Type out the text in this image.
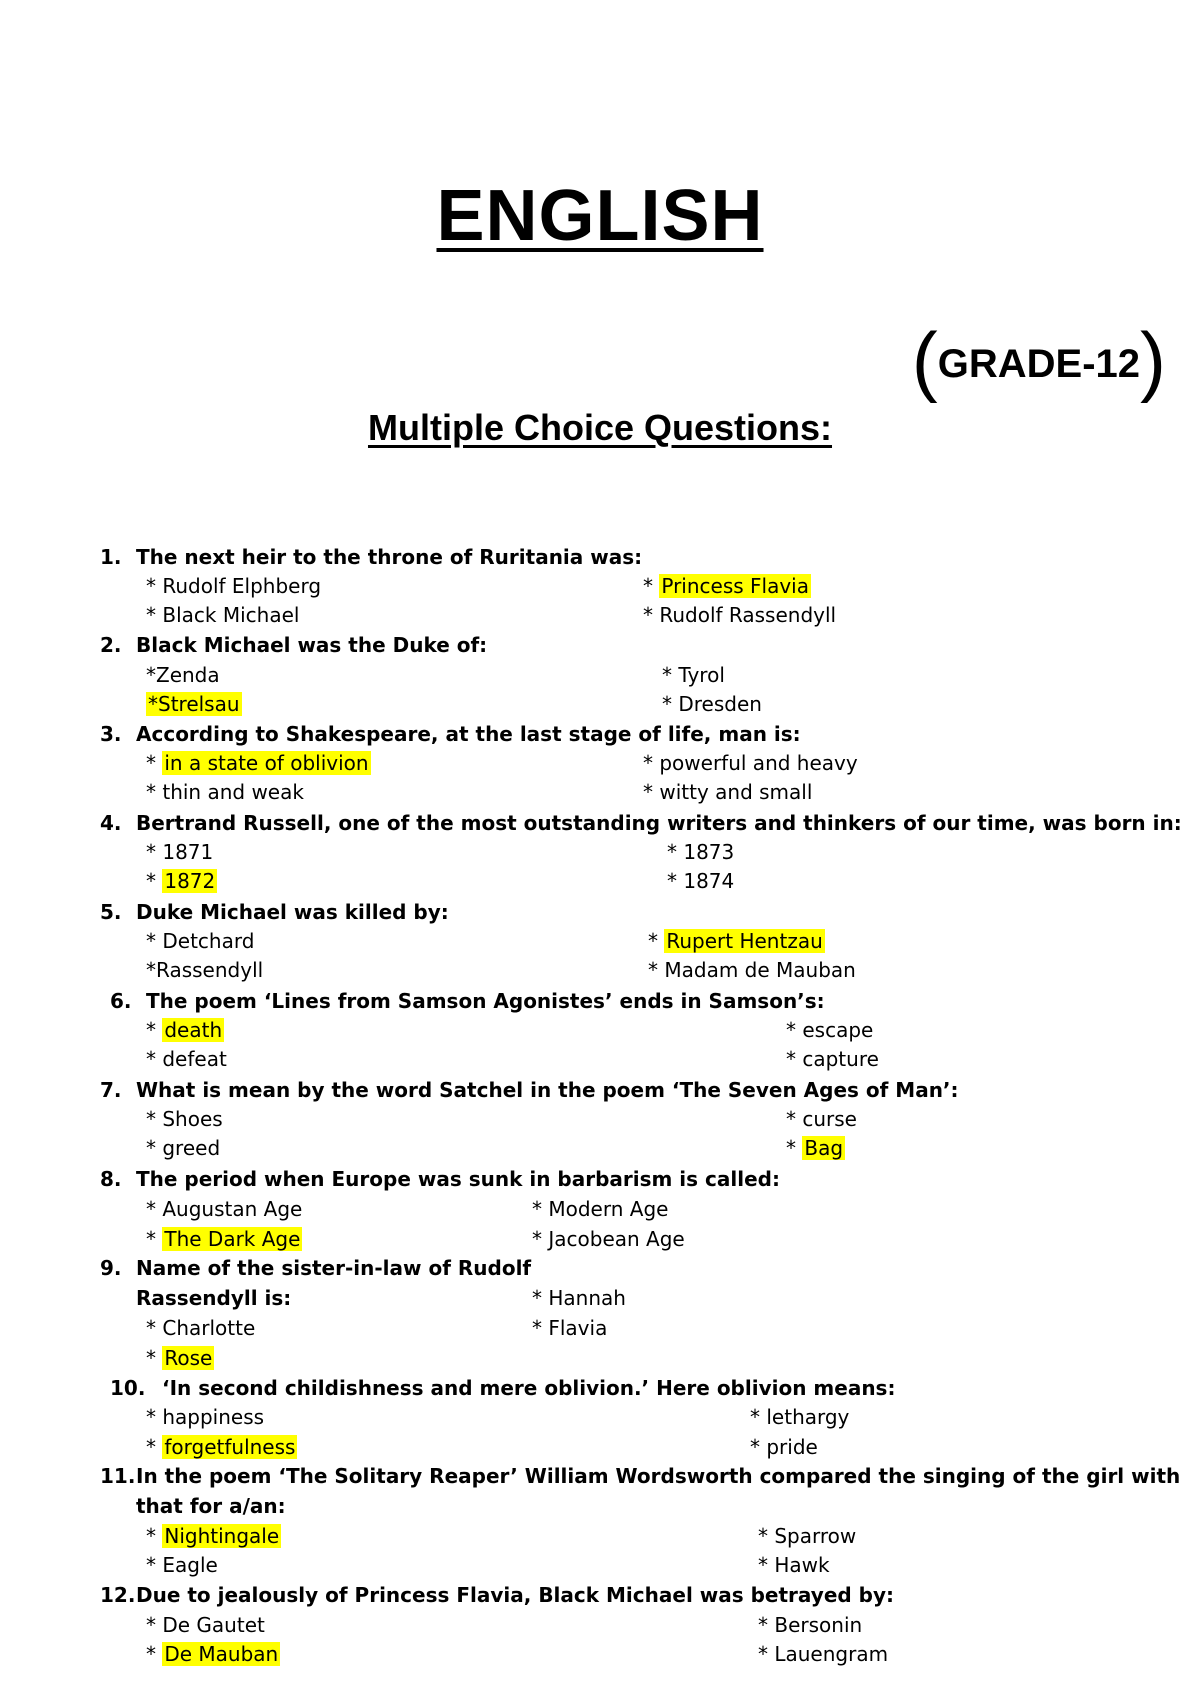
ENGLISH
(GRADE-12)
Multiple Choice Questions:
1. The next heir to the throne of Ruritania was:
* Rudolf Elphberg	* Princess Flavia
* Black Michael	* Rudolf Rassendyll
2. Black Michael was the Duke of:
*Zenda	* Tyrol
*Strelsau	* Dresden
3. According to Shakespeare, at the last stage of life, man is:
* in a state of oblivion	* powerful and heavy
* thin and weak	* witty and small
4. Bertrand Russell, one of the most outstanding writers and thinkers of our time, was born in:
* 1871	* 1873
* 1872	* 1874
5. Duke Michael was killed by:
* Detchard	* Rupert Hentzau
*Rassendyll	* Madam de Mauban
6. The poem ‘Lines from Samson Agonistes’ ends in Samson’s:
* death	* escape
* defeat	* capture
7. What is mean by the word Satchel in the poem ‘The Seven Ages of Man’:
* Shoes	* curse
* greed	* Bag
8. The period when Europe was sunk in barbarism is called:
* Augustan Age	* Modern Age
* The Dark Age	* Jacobean Age
9. Name of the sister-in-law of Rudolf
Rassendyll is:	* Hannah
* Charlotte	* Flavia
* Rose
10. ‘In second childishness and mere oblivion.’ Here oblivion means:
* happiness	* lethargy
* forgetfulness	* pride
11.In the poem ‘The Solitary Reaper’ William Wordsworth compared the singing of the girl with
that for a/an:
* Nightingale	* Sparrow
* Eagle	* Hawk
12.Due to jealously of Princess Flavia, Black Michael was betrayed by:
* De Gautet	* Bersonin
* De Mauban	* Lauengram
